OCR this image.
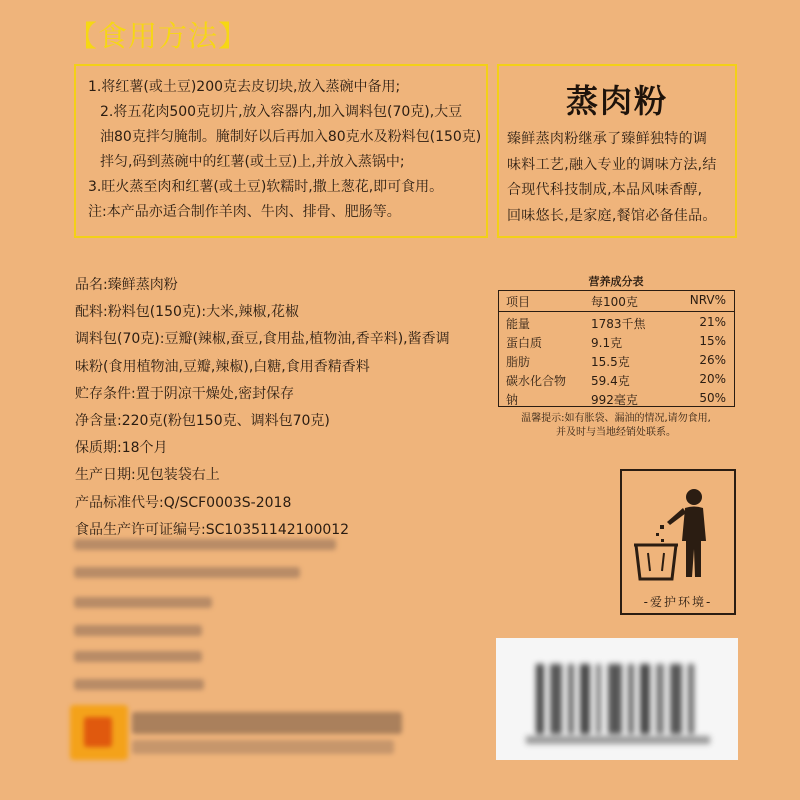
【食用方法】
1.将红薯(或土豆)200克去皮切块,放入蒸碗中备用;
2.将五花肉500克切片,放入容器内,加入调料包(70克),大豆
油80克拌匀腌制。腌制好以后再加入80克水及粉料包(150克)
拌匀,码到蒸碗中的红薯(或土豆)上,并放入蒸锅中;
3.旺火蒸至肉和红薯(或土豆)软糯时,撒上葱花,即可食用。
注:本产品亦适合制作羊肉、牛肉、排骨、肥肠等。
蒸肉粉
臻鲜蒸肉粉继承了臻鲜独特的调
味料工艺,融入专业的调味方法,结
合现代科技制成,本品风味香醇,
回味悠长,是家庭,餐馆必备佳品。
品名:臻鲜蒸肉粉
配料:粉料包(150克):大米,辣椒,花椒
调料包(70克):豆瓣(辣椒,蚕豆,食用盐,植物油,香辛料),酱香调
味粉(食用植物油,豆瓣,辣椒),白糖,食用香精香料
贮存条件:置于阴凉干燥处,密封保存
净含量:220克(粉包150克、调料包70克)
保质期:18个月
生产日期:见包装袋右上
产品标准代号:Q/SCF0003S-2018
食品生产许可证编号:SC10351142100012
营养成分表
项目	每100克	NRV%
能量	1783千焦	21%
蛋白质	9.1克	15%
脂肪	15.5克	26%
碳水化合物 59.4克	20%
钠	992毫克	50%
温馨提示:如有胀袋、漏油的情况,请勿食用,
并及时与当地经销处联系。
-爱护环境-
